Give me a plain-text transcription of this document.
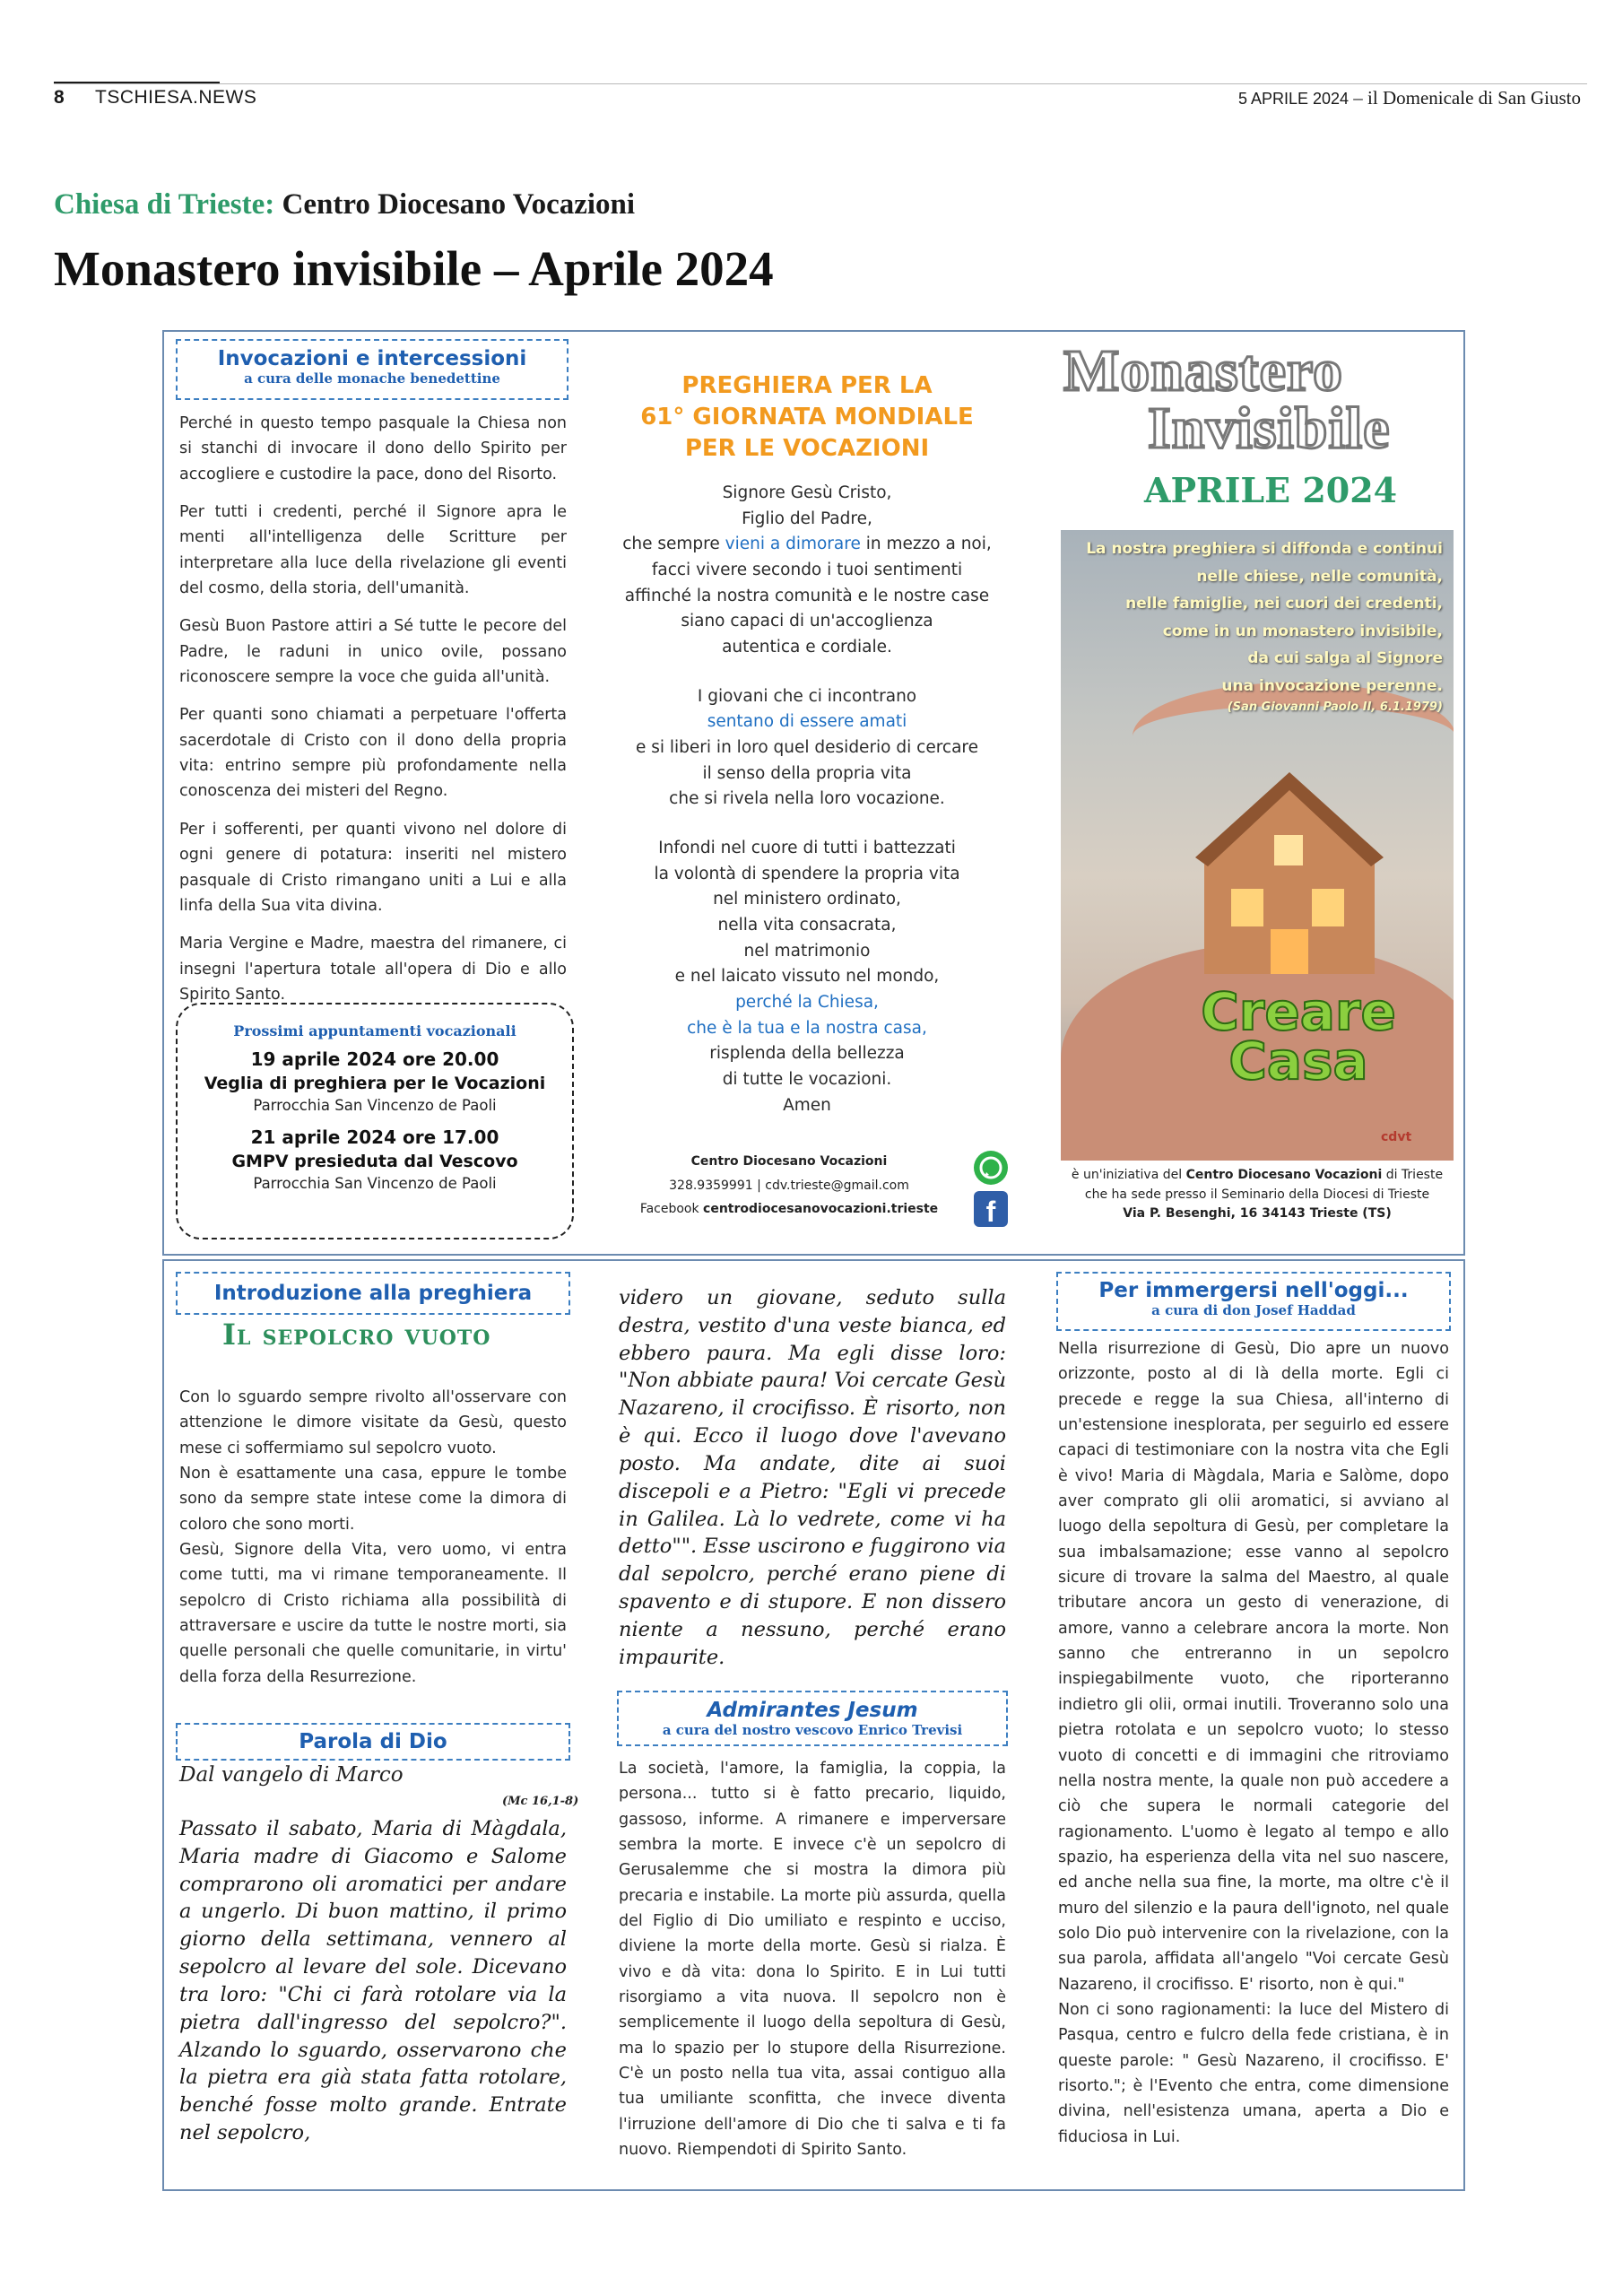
8 TSCHIESA.NEWS	5 APRILE 2024 – il Domenicale di San Giusto
Chiesa di Trieste: Centro Diocesano Vocazioni
Monastero invisibile – Aprile 2024
Invocazioni e intercessioni
a cura delle monache benedettine

Perché in questo tempo pasquale la Chiesa non si stanchi di invocare il dono dello Spirito per accogliere e custodire la pace, dono del Risorto.

Per tutti i credenti, perché il Signore apra le menti all'intelligenza delle Scritture per interpretare alla luce della rivelazione gli eventi del cosmo, della storia, dell'umanità.

Gesù Buon Pastore attiri a Sé tutte le pecore del Padre, le raduni in unico ovile, possano riconoscere sempre la voce che guida all'unità.

Per quanti sono chiamati a perpetuare l'offerta sacerdotale di Cristo con il dono della propria vita: entrino sempre più profondamente nella conoscenza dei misteri del Regno.

Per i sofferenti, per quanti vivono nel dolore di ogni genere di potatura: inseriti nel mistero pasquale di Cristo rimangano uniti a Lui e alla linfa della Sua vita divina.

Maria Vergine e Madre, maestra del rimanere, ci insegni l'apertura totale all'opera di Dio e allo Spirito Santo.

Prossimi appuntamenti vocazionali
19 aprile 2024 ore 20.00
Veglia di preghiera per le Vocazioni
Parrocchia San Vincenzo de Paoli
21 aprile 2024 ore 17.00
GMPV presieduta dal Vescovo
Parrocchia San Vincenzo de Paoli
PREGHIERA PER LA
61° GIORNATA MONDIALE
PER LE VOCAZIONI
Signore Gesù Cristo,
Figlio del Padre,
che sempre vieni a dimorare in mezzo a noi,
facci vivere secondo i tuoi sentimenti
affinché la nostra comunità e le nostre case
siano capaci di un'accoglienza
autentica e cordiale.
I giovani che ci incontrano
sentano di essere amati
e si liberi in loro quel desiderio di cercare
il senso della propria vita
che si rivela nella loro vocazione.
Infondi nel cuore di tutti i battezzati
la volontà di spendere la propria vita
nel ministero ordinato,
nella vita consacrata,
nel matrimonio
e nel laicato vissuto nel mondo,
perché la Chiesa,
che è la tua e la nostra casa,
risplenda della bellezza
di tutte le vocazioni.
Amen
Centro Diocesano Vocazioni
328.9359991 | cdv.trieste@gmail.com
Facebook centrodiocesanovocazioni.trieste	f
Monastero
Invisibile
APRILE 2024
La nostra preghiera si diffonda e continui
nelle chiese, nelle comunità,
nelle famiglie, nei cuori dei credenti,
come in un monastero invisibile,
da cui salga al Signore
una invocazione perenne.
(San Giovanni Paolo II, 6.1.1979)
Creare
Casa
cdvt
è un'iniziativa del Centro Diocesano Vocazioni di Trieste
che ha sede presso il Seminario della Diocesi di Trieste
Via P. Besenghi, 16 34143 Trieste (TS)
Introduzione alla preghiera
Il sepolcro vuoto

Con lo sguardo sempre rivolto all'osservare con attenzione le dimore visitate da Gesù, questo mese ci soffermiamo sul sepolcro vuoto.

Non è esattamente una casa, eppure le tombe sono da sempre state intese come la dimora di coloro che sono morti.

Gesù, Signore della Vita, vero uomo, vi entra come tutti, ma vi rimane temporaneamente. Il sepolcro di Cristo richiama alla possibilità di attraversare e uscire da tutte le nostre morti, sia quelle personali che quelle comunitarie, in virtu' della forza della Resurrezione.

Parola di Dio
Dal vangelo di Marco
(Mc 16,1-8)
Passato il sabato, Maria di Màgdala, Maria madre di Giacomo e Salome comprarono oli aromatici per andare a ungerlo. Di buon mattino, il primo giorno della settimana, vennero al sepolcro al levare del sole. Dicevano tra loro: "Chi ci farà rotolare via la pietra dall'ingresso del sepolcro?". Alzando lo sguardo, osservarono che la pietra era già stata fatta rotolare, benché fosse molto grande. Entrate nel sepolcro,
videro un giovane, seduto sulla destra, vestito d'una veste bianca, ed ebbero paura. Ma egli disse loro: "Non abbiate paura! Voi cercate Gesù Nazareno, il crocifisso. È risorto, non è qui. Ecco il luogo dove l'avevano posto. Ma andate, dite ai suoi discepoli e a Pietro: "Egli vi precede in Galilea. Là lo vedrete, come vi ha detto"". Esse uscirono e fuggirono via dal sepolcro, perché erano piene di spavento e di stupore. E non dissero niente a nessuno, perché erano impaurite.
Admirantes Jesum
a cura del nostro vescovo Enrico Trevisi
La società, l'amore, la famiglia, la coppia, la persona... tutto si è fatto precario, liquido, gassoso, informe. A rimanere e imperversare sembra la morte. E invece c'è un sepolcro di Gerusalemme che si mostra la dimora più precaria e instabile. La morte più assurda, quella del Figlio di Dio umiliato e respinto e ucciso, diviene la morte della morte. Gesù si rialza. È vivo e dà vita: dona lo Spirito. E in Lui tutti risorgiamo a vita nuova. Il sepolcro non è semplicemente il luogo della sepoltura di Gesù, ma lo spazio per lo stupore della Risurrezione. C'è un posto nella tua vita, assai contiguo alla tua umiliante sconfitta, che invece diventa l'irruzione dell'amore di Dio che ti salva e ti fa nuovo. Riempendoti di Spirito Santo.
Per immergersi nell'oggi...
a cura di don Josef Haddad

Nella risurrezione di Gesù, Dio apre un nuovo orizzonte, posto al di là della morte. Egli ci precede e regge la sua Chiesa, all'interno di un'estensione inesplorata, per seguirlo ed essere capaci di testimoniare con la nostra vita che Egli è vivo! Maria di Màgdala, Maria e Salòme, dopo aver comprato gli olii aromatici, si avviano al luogo della sepoltura di Gesù, per completare la sua imbalsamazione; esse vanno al sepolcro sicure di trovare la salma del Maestro, al quale tributare ancora un gesto di venerazione, di amore, vanno a celebrare ancora la morte. Non sanno che entreranno in un sepolcro inspiegabilmente vuoto, che riporteranno indietro gli olii, ormai inutili. Troveranno solo una pietra rotolata e un sepolcro vuoto; lo stesso vuoto di concetti e di immagini che ritroviamo nella nostra mente, la quale non può accedere a ciò che supera le normali categorie del ragionamento. L'uomo è legato al tempo e allo spazio, ha esperienza della vita nel suo nascere, ed anche nella sua fine, la morte, ma oltre c'è il muro del silenzio e la paura dell'ignoto, nel quale solo Dio può intervenire con la rivelazione, con la sua parola, affidata all'angelo "Voi cercate Gesù Nazareno, il crocifisso. E' risorto, non è qui."

Non ci sono ragionamenti: la luce del Mistero di Pasqua, centro e fulcro della fede cristiana, è in queste parole: " Gesù Nazareno, il crocifisso. E' risorto."; è l'Evento che entra, come dimensione divina, nell'esistenza umana, aperta a Dio e fiduciosa in Lui.
